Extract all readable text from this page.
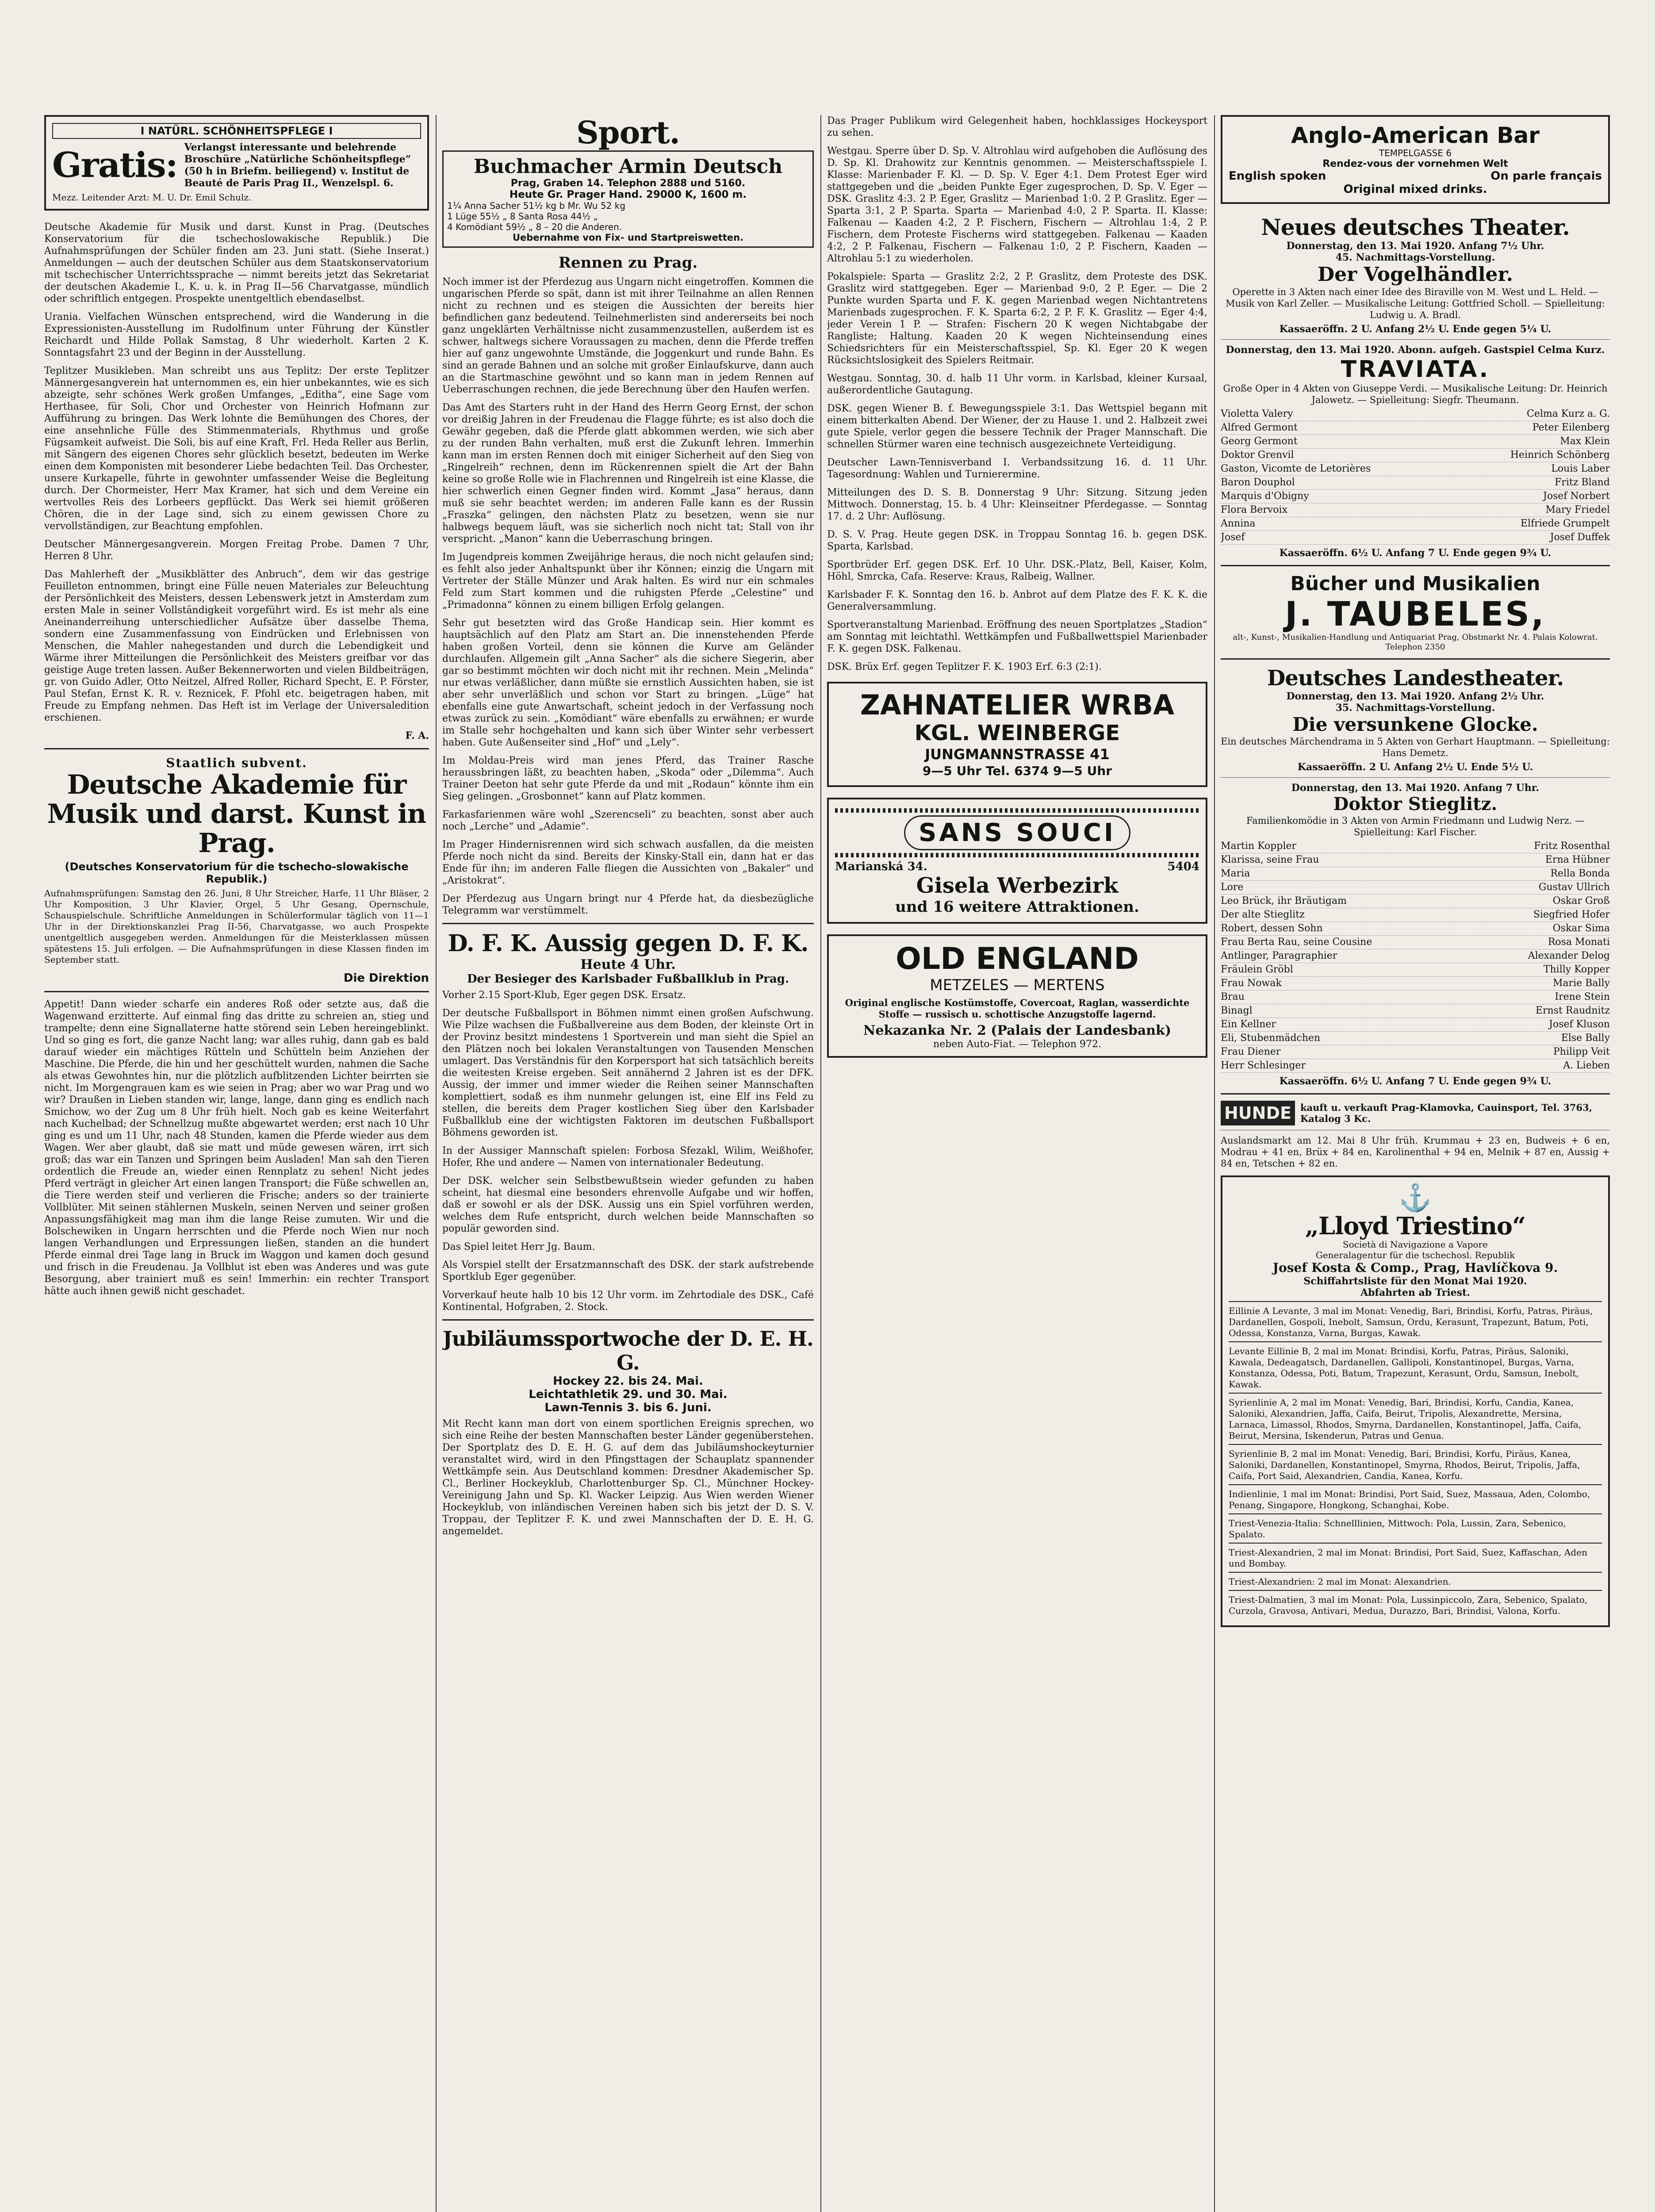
I NATÜRL. SCHÖNHEITSPFLEGE I
Gratis: Verlangst interessante und belehrende Broschüre „Natürliche Schönheitspflege“ (50 h in Briefm. beiliegend) v. Institut de Beauté de Paris Prag II., Wenzelspl. 6.
Mezz. Leitender Arzt: M. U. Dr. Emil Schulz.

Deutsche Akademie für Musik und darst. Kunst in Prag. (Deutsches Konservatorium für die tschechoslowakische Republik.) Die Aufnahmsprüfungen der Schüler finden am 23. Juni statt. (Siehe Inserat.) Anmeldungen — auch der deutschen Schüler aus dem Staatskonservatorium mit tschechischer Unterrichtssprache — nimmt bereits jetzt das Sekretariat der deutschen Akademie I., K. u. k. in Prag II—56 Charvatgasse, mündlich oder schriftlich entgegen. Prospekte unentgeltlich ebendaselbst.

Urania. Vielfachen Wünschen entsprechend, wird die Wanderung in die Expressionisten-Ausstellung im Rudolfinum unter Führung der Künstler Reichardt und Hilde Pollak Samstag, 8 Uhr wiederholt. Karten 2 K. Sonntagsfahrt 23 und der Beginn in der Ausstellung.

Teplitzer Musikleben. Man schreibt uns aus Teplitz: Der erste Teplitzer Männergesangverein hat unternommen es, ein hier unbekanntes, wie es sich abzeigte, sehr schönes Werk großen Umfanges, „Editha“, eine Sage vom Herthasee, für Soli, Chor und Orchester von Heinrich Hofmann zur Aufführung zu bringen. Das Werk lohnte die Bemühungen des Chores, der eine ansehnliche Fülle des Stimmenmaterials, Rhythmus und große Fügsamkeit aufweist. Die Soli, bis auf eine Kraft, Frl. Heda Reller aus Berlin, mit Sängern des eigenen Chores sehr glücklich besetzt, bedeuten im Werke einen dem Komponisten mit besonderer Liebe bedachten Teil. Das Orchester, unsere Kurkapelle, führte in gewohnter umfassender Weise die Begleitung durch. Der Chormeister, Herr Max Kramer, hat sich und dem Vereine ein wertvolles Reis des Lorbeers gepflückt. Das Werk sei hiemit größeren Chören, die in der Lage sind, sich zu einem gewissen Chore zu vervollständigen, zur Beachtung empfohlen.

Deutscher Männergesangverein. Morgen Freitag Probe. Damen 7 Uhr, Herren 8 Uhr.

Das Mahlerheft der „Musikblätter des Anbruch“, dem wir das gestrige Feuilleton entnommen, bringt eine Fülle neuen Materiales zur Beleuchtung der Persönlichkeit des Meisters, dessen Lebenswerk jetzt in Amsterdam zum ersten Male in seiner Vollständigkeit vorgeführt wird. Es ist mehr als eine Aneinanderreihung unterschiedlicher Aufsätze über dasselbe Thema, sondern eine Zusammenfassung von Eindrücken und Erlebnissen von Menschen, die Mahler nahegestanden und durch die Lebendigkeit und Wärme ihrer Mitteilungen die Persönlichkeit des Meisters greifbar vor das geistige Auge treten lassen. Außer Bekennerworten und vielen Bildbeiträgen, gr. von Guido Adler, Otto Neitzel, Alfred Roller, Richard Specht, E. P. Förster, Paul Stefan, Ernst K. R. v. Reznicek, F. Pfohl etc. beigetragen haben, mit Freude zu Empfang nehmen. Das Heft ist im Verlage der Universaledition erschienen.

F. A.

Staatlich subvent.
Deutsche Akademie für Musik und darst. Kunst in Prag.
(Deutsches Konservatorium für die tschecho-slowakische Republik.)

Aufnahmsprüfungen: Samstag den 26. Juni, 8 Uhr Streicher, Harfe, 11 Uhr Bläser, 2 Uhr Komposition, 3 Uhr Klavier, Orgel, 5 Uhr Gesang, Opernschule, Schauspielschule. Schriftliche Anmeldungen in Schülerformular täglich von 11—1 Uhr in der Direktionskanzlei Prag II-56, Charvatgasse, wo auch Prospekte unentgeltlich ausgegeben werden. Anmeldungen für die Meisterklassen müssen spätestens 15. Juli erfolgen. — Die Aufnahmsprüfungen in diese Klassen finden im September statt.

Die Direktion

Appetit! Dann wieder scharfe ein anderes Roß oder setzte aus, daß die Wagenwand erzitterte. Auf einmal fing das dritte zu schreien an, stieg und trampelte; denn eine Signallaterne hatte störend sein Leben hereingeblinkt. Und so ging es fort, die ganze Nacht lang; war alles ruhig, dann gab es bald darauf wieder ein mächtiges Rütteln und Schütteln beim Anziehen der Maschine. Die Pferde, die hin und her geschüttelt wurden, nahmen die Sache als etwas Gewohntes hin, nur die plötzlich aufblitzenden Lichter beirrten sie nicht. Im Morgengrauen kam es wie seien in Prag; aber wo war Prag und wo wir? Draußen in Lieben standen wir, lange, lange, dann ging es endlich nach Smichow, wo der Zug um 8 Uhr früh hielt. Noch gab es keine Weiterfahrt nach Kuchelbad; der Schnellzug mußte abgewartet werden; erst nach 10 Uhr ging es und um 11 Uhr, nach 48 Stunden, kamen die Pferde wieder aus dem Wagen. Wer aber glaubt, daß sie matt und müde gewesen wären, irrt sich groß; das war ein Tanzen und Springen beim Ausladen! Man sah den Tieren ordentlich die Freude an, wieder einen Rennplatz zu sehen! Nicht jedes Pferd verträgt in gleicher Art einen langen Transport; die Füße schwellen an, die Tiere werden steif und verlieren die Frische; anders so der trainierte Vollblüter. Mit seinen stählernen Muskeln, seinen Nerven und seiner großen Anpassungsfähigkeit mag man ihm die lange Reise zumuten. Wir und die Bolschewiken in Ungarn herrschten und die Pferde noch Wien nur noch langen Verhandlungen und Erpressungen ließen, standen an die hundert Pferde einmal drei Tage lang in Bruck im Waggon und kamen doch gesund und frisch in die Freudenau. Ja Vollblut ist eben was Anderes und was gute Besorgung, aber trainiert muß es sein! Immerhin: ein rechter Transport hätte auch ihnen gewiß nicht geschadet.

Sport.
Buchmacher Armin Deutsch
Prag, Graben 14. Telephon 2888 und 5160.
Heute Gr. Prager Hand. 29000 K, 1600 m.
1¼ Anna Sacher 51½ kg b Mr. Wu 52 kg
1 Lüge 55½ „ 8 Santa Rosa 44½ „
4 Komödiant 59½ „ 8 – 20 die Anderen.
Uebernahme von Fix- und Startpreiswetten.
Rennen zu Prag.

Noch immer ist der Pferdezug aus Ungarn nicht eingetroffen. Kommen die ungarischen Pferde so spät, dann ist mit ihrer Teilnahme an allen Rennen nicht zu rechnen und es steigen die Aussichten der bereits hier befindlichen ganz bedeutend. Teilnehmerlisten sind andererseits bei noch ganz ungeklärten Verhältnisse nicht zusammenzustellen, außerdem ist es schwer, haltwegs sichere Voraussagen zu machen, denn die Pferde treffen hier auf ganz ungewohnte Umstände, die Joggenkurt und runde Bahn. Es sind an gerade Bahnen und an solche mit großer Einlaufskurve, dann auch an die Startmaschine gewöhnt und so kann man in jedem Rennen auf Ueberraschungen rechnen, die jede Berechnung über den Haufen werfen.

Das Amt des Starters ruht in der Hand des Herrn Georg Ernst, der schon vor dreißig Jahren in der Freudenau die Flagge führte; es ist also doch die Gewähr gegeben, daß die Pferde glatt abkommen werden, wie sich aber zu der runden Bahn verhalten, muß erst die Zukunft lehren. Immerhin kann man im ersten Rennen doch mit einiger Sicherheit auf den Sieg von „Ringelreih“ rechnen, denn im Rückenrennen spielt die Art der Bahn keine so große Rolle wie in Flachrennen und Ringelreih ist eine Klasse, die hier schwerlich einen Gegner finden wird. Kommt „Jasa“ heraus, dann muß sie sehr beachtet werden; im anderen Falle kann es der Russin „Fraszka“ gelingen, den nächsten Platz zu besetzen, wenn sie nur halbwegs bequem läuft, was sie sicherlich noch nicht tat; Stall von ihr verspricht. „Manon“ kann die Ueberraschung bringen.

Im Jugendpreis kommen Zweijährige heraus, die noch nicht gelaufen sind; es fehlt also jeder Anhaltspunkt über ihr Können; einzig die Ungarn mit Vertreter der Ställe Münzer und Arak halten. Es wird nur ein schmales Feld zum Start kommen und die ruhigsten Pferde „Celestine“ und „Primadonna“ können zu einem billigen Erfolg gelangen.

Sehr gut besetzten wird das Große Handicap sein. Hier kommt es hauptsächlich auf den Platz am Start an. Die innenstehenden Pferde haben großen Vorteil, denn sie können die Kurve am Geländer durchlaufen. Allgemein gilt „Anna Sacher“ als die sichere Siegerin, aber gar so bestimmt möchten wir doch nicht mit ihr rechnen. Mein „Melinda“ nur etwas verläßlicher, dann müßte sie ernstlich Aussichten haben, sie ist aber sehr unverläßlich und schon vor Start zu bringen. „Lüge“ hat ebenfalls eine gute Anwartschaft, scheint jedoch in der Verfassung noch etwas zurück zu sein. „Komödiant“ wäre ebenfalls zu erwähnen; er wurde im Stalle sehr hochgehalten und kann sich über Winter sehr verbessert haben. Gute Außenseiter sind „Hof“ und „Lely“.

Im Moldau-Preis wird man jenes Pferd, das Trainer Rasche heraussbringen läßt, zu beachten haben, „Skoda“ oder „Dilemma“. Auch Trainer Deeton hat sehr gute Pferde da und mit „Rodaun“ könnte ihm ein Sieg gelingen. „Grosbonnet“ kann auf Platz kommen.

Farkasfarienmen wäre wohl „Szerencseli“ zu beachten, sonst aber auch noch „Lerche“ und „Adamie“.

Im Prager Hindernisrennen wird sich schwach ausfallen, da die meisten Pferde noch nicht da sind. Bereits der Kinsky-Stall ein, dann hat er das Ende für ihn; im anderen Falle fliegen die Aussichten von „Bakaler“ und „Aristokrat“.

Der Pferdezug aus Ungarn bringt nur 4 Pferde hat, da diesbezügliche Telegramm war verstümmelt.

D. F. K. Aussig gegen D. F. K.
Heute 4 Uhr.
Der Besieger des Karlsbader Fußballklub in Prag.

Vorher 2.15 Sport-Klub, Eger gegen DSK. Ersatz.

Der deutsche Fußballsport in Böhmen nimmt einen großen Aufschwung. Wie Pilze wachsen die Fußballvereine aus dem Boden, der kleinste Ort in der Provinz besitzt mindestens 1 Sportverein und man sieht die Spiel an den Plätzen noch bei lokalen Veranstaltungen von Tausenden Menschen umlagert. Das Verständnis für den Korpersport hat sich tatsächlich bereits die weitesten Kreise ergeben. Seit annähernd 2 Jahren ist es der DFK. Aussig, der immer und immer wieder die Reihen seiner Mannschaften komplettiert, sodaß es ihm nunmehr gelungen ist, eine Elf ins Feld zu stellen, die bereits dem Prager kostlichen Sieg über den Karlsbader Fußballklub eine der wichtigsten Faktoren im deutschen Fußballsport Böhmens geworden ist.

In der Aussiger Mannschaft spielen: Forbosa Sfezakl, Wilim, Weißhofer, Hofer, Rhe und andere — Namen von internationaler Bedeutung.

Der DSK. welcher sein Selbstbewußtsein wieder gefunden zu haben scheint, hat diesmal eine besonders ehrenvolle Aufgabe und wir hoffen, daß er sowohl er als der DSK. Aussig uns ein Spiel vorführen werden, welches dem Rufe entspricht, durch welchen beide Mannschaften so populär geworden sind.

Das Spiel leitet Herr Jg. Baum.

Als Vorspiel stellt der Ersatzmannschaft des DSK. der stark aufstrebende Sportklub Eger gegenüber.

Vorverkauf heute halb 10 bis 12 Uhr vorm. im Zehrtodiale des DSK., Café Kontinental, Hofgraben, 2. Stock.

Jubiläumssportwoche der D. E. H. G.
Hockey 22. bis 24. Mai.
Leichtathletik 29. und 30. Mai.
Lawn-Tennis 3. bis 6. Juni.

Mit Recht kann man dort von einem sportlichen Ereignis sprechen, wo sich eine Reihe der besten Mannschaften bester Länder gegenüberstehen. Der Sportplatz des D. E. H. G. auf dem das Jubiläumshockeyturnier veranstaltet wird, wird in den Pfingsttagen der Schauplatz spannender Wettkämpfe sein. Aus Deutschland kommen: Dresdner Akademischer Sp. Cl., Berliner Hockeyklub, Charlottenburger Sp. Cl., Münchner Hockey-Vereinigung Jahn und Sp. Kl. Wacker Leipzig. Aus Wien werden Wiener Hockeyklub, von inländischen Vereinen haben sich bis jetzt der D. S. V. Troppau, der Teplitzer F. K. und zwei Mannschaften der D. E. H. G. angemeldet.

Das Prager Publikum wird Gelegenheit haben, hochklassiges Hockeysport zu sehen.

Westgau. Sperre über D. Sp. V. Altrohlau wird aufgehoben die Auflösung des D. Sp. Kl. Drahowitz zur Kenntnis genommen. — Meisterschaftsspiele I. Klasse: Marienbader F. Kl. — D. Sp. V. Eger 4:1. Dem Protest Eger wird stattgegeben und die „beiden Punkte Eger zugesprochen, D. Sp. V. Eger — DSK. Graslitz 4:3. 2 P. Eger, Graslitz — Marienbad 1:0. 2 P. Graslitz. Eger — Sparta 3:1, 2 P. Sparta. Sparta — Marienbad 4:0, 2 P. Sparta. II. Klasse: Falkenau — Kaaden 4:2, 2 P. Fischern, Fischern — Altrohlau 1:4, 2 P. Fischern, dem Proteste Fischerns wird stattgegeben. Falkenau — Kaaden 4:2, 2 P. Falkenau, Fischern — Falkenau 1:0, 2 P. Fischern, Kaaden — Altrohlau 5:1 zu wiederholen.

Pokalspiele: Sparta — Graslitz 2:2, 2 P. Graslitz, dem Proteste des DSK. Graslitz wird stattgegeben. Eger — Marienbad 9:0, 2 P. Eger. — Die 2 Punkte wurden Sparta und F. K. gegen Marienbad wegen Nichtantretens Marienbads zugesprochen. F. K. Sparta 6:2, 2 P. F. K. Graslitz — Eger 4:4, jeder Verein 1 P. — Strafen: Fischern 20 K wegen Nichtabgabe der Rangliste; Haltung. Kaaden 20 K wegen Nichteinsendung eines Schiedsrichters für ein Meisterschaftsspiel, Sp. Kl. Eger 20 K wegen Rücksichtslosigkeit des Spielers Reitmair.

Westgau. Sonntag, 30. d. halb 11 Uhr vorm. in Karlsbad, kleiner Kursaal, außerordentliche Gautagung.

DSK. gegen Wiener B. f. Bewegungsspiele 3:1. Das Wettspiel begann mit einem bitterkalten Abend. Der Wiener, der zu Hause 1. und 2. Halbzeit zwei gute Spiele, verlor gegen die bessere Technik der Prager Mannschaft. Die schnellen Stürmer waren eine technisch ausgezeichnete Verteidigung.

Deutscher Lawn-Tennisverband I. Verbandssitzung 16. d. 11 Uhr. Tagesordnung: Wahlen und Turnierermine.

Mitteilungen des D. S. B. Donnerstag 9 Uhr: Sitzung. Sitzung jeden Mittwoch. Donnerstag, 15. b. 4 Uhr: Kleinseitner Pferdegasse. — Sonntag 17. d. 2 Uhr: Auflösung.

D. S. V. Prag. Heute gegen DSK. in Troppau Sonntag 16. b. gegen DSK. Sparta, Karlsbad.

Sportbrüder Erf. gegen DSK. Erf. 10 Uhr. DSK.-Platz, Bell, Kaiser, Kolm, Höhl, Smrcka, Cafa. Reserve: Kraus, Ralbeig, Wallner.

Karlsbader F. K. Sonntag den 16. b. Anbrot auf dem Platze des F. K. K. die Generalversammlung.

Sportveranstaltung Marienbad. Eröffnung des neuen Sportplatzes „Stadion“ am Sonntag mit leichtathl. Wettkämpfen und Fußballwettspiel Marienbader F. K. gegen DSK. Falkenau.

DSK. Brüx Erf. gegen Teplitzer F. K. 1903 Erf. 6:3 (2:1).

ZAHNATELIER WRBA
KGL. WEINBERGE
JUNGMANNSTRASSE 41
9—5 Uhr Tel. 6374 9—5 Uhr
SANS SOUCI
Marianská 34.	5404
Gisela Werbezirk
und 16 weitere Attraktionen.
OLD ENGLAND
METZELES — MERTENS
Original englische Kostümstoffe, Covercoat, Raglan, wasserdichte Stoffe — russisch u. schottische Anzugstoffe lagernd.
Nekazanka Nr. 2 (Palais der Landesbank)
neben Auto-Fiat. — Telephon 972.
Anglo-American Bar
TEMPELGASSE 6
Rendez-vous der vornehmen Welt
English spoken	On parle français
Original mixed drinks.
Neues deutsches Theater.
Donnerstag, den 13. Mai 1920. Anfang 7½ Uhr.
45. Nachmittags-Vorstellung.
Der Vogelhändler.
Operette in 3 Akten nach einer Idee des Biraville von M. West und L. Held. — Musik von Karl Zeller. — Musikalische Leitung: Gottfried Scholl. — Spielleitung: Ludwig u. A. Bradl.
Kassaeröffn. 2 U. Anfang 2½ U. Ende gegen 5¼ U.
Donnerstag, den 13. Mai 1920. Abonn. aufgeh. Gastspiel Celma Kurz.
TRAVIATA.
Große Oper in 4 Akten von Giuseppe Verdi. — Musikalische Leitung: Dr. Heinrich Jalowetz. — Spielleitung: Siegfr. Theumann.
Violetta Valery	Celma Kurz a. G.
Alfred Germont	Peter Eilenberg
Georg Germont	Max Klein
Doktor Grenvil	Heinrich Schönberg
Gaston, Vicomte de Letorières	Louis Laber
Baron Douphol	Fritz Bland
Marquis d'Obigny	Josef Norbert
Flora Bervoix	Mary Friedel
Annina	Elfriede Grumpelt
Josef	Josef Duffek
Kassaeröffn. 6½ U. Anfang 7 U. Ende gegen 9¾ U.
Bücher und Musikalien
J. TAUBELES,
alt-, Kunst-, Musikalien-Handlung und Antiquariat Prag, Obstmarkt Nr. 4. Palais Kolowrat. Telephon 2350
Deutsches Landestheater.
Donnerstag, den 13. Mai 1920. Anfang 2½ Uhr.
35. Nachmittags-Vorstellung.
Die versunkene Glocke.
Ein deutsches Märchendrama in 5 Akten von Gerhart Hauptmann. — Spielleitung: Hans Demetz.
Kassaeröffn. 2 U. Anfang 2½ U. Ende 5½ U.
Donnerstag, den 13. Mai 1920. Anfang 7 Uhr.
Doktor Stieglitz.
Familienkomödie in 3 Akten von Armin Friedmann und Ludwig Nerz. — Spielleitung: Karl Fischer.
Martin Koppler	Fritz Rosenthal
Klarissa, seine Frau	Erna Hübner
Maria	Rella Bonda
Lore	Gustav Ullrich
Leo Brück, ihr Bräutigam	Oskar Groß
Der alte Stieglitz	Siegfried Hofer
Robert, dessen Sohn	Oskar Sima
Frau Berta Rau, seine Cousine	Rosa Monati
Antlinger, Paragraphier	Alexander Delog
Fräulein Gröbl	Thilly Kopper
Frau Nowak	Marie Bally
Brau	Irene Stein
Binagl	Ernst Raudnitz
Ein Kellner	Josef Kluson
Eli, Stubenmädchen	Else Bally
Frau Diener	Philipp Veit
Herr Schlesinger	A. Lieben
Kassaeröffn. 6½ U. Anfang 7 U. Ende gegen 9¾ U.
HUNDE kauft u. verkauft Prag-Klamovka, Cauinsport, Tel. 3763, Katalog 3 Kc.

Auslandsmarkt am 12. Mai 8 Uhr früh. Krummau + 23 en, Budweis + 6 en, Modrau + 41 en, Brüx + 84 en, Karolinenthal + 94 en, Melnik + 87 en, Aussig + 84 en, Tetschen + 82 en.

⚓
„Lloyd Triestino“
Società di Navigazione a Vapore
Generalagentur für die tschechosl. Republik
Josef Kosta & Comp., Prag, Havlíčkova 9.
Schiffahrtsliste für den Monat Mai 1920.
Abfahrten ab Triest.
Eillinie A Levante, 3 mal im Monat: Venedig, Bari, Brindisi, Korfu, Patras, Piräus, Dardanellen, Gospoli, Inebolt, Samsun, Ordu, Kerasunt, Trapezunt, Batum, Poti, Odessa, Konstanza, Varna, Burgas, Kawak.
Levante Eillinie B, 2 mal im Monat: Brindisi, Korfu, Patras, Piräus, Saloniki, Kawala, Dedeagatsch, Dardanellen, Gallipoli, Konstantinopel, Burgas, Varna, Konstanza, Odessa, Poti, Batum, Trapezunt, Kerasunt, Ordu, Samsun, Inebolt, Kawak.
Syrienlinie A, 2 mal im Monat: Venedig, Bari, Brindisi, Korfu, Candia, Kanea, Saloniki, Alexandrien, Jaffa, Caifa, Beirut, Tripolis, Alexandrette, Mersina, Larnaca, Limassol, Rhodos, Smyrna, Dardanellen, Konstantinopel, Jaffa, Caifa, Beirut, Mersina, Iskenderun, Patras und Genua.
Syrienlinie B, 2 mal im Monat: Venedig, Bari, Brindisi, Korfu, Piräus, Kanea, Saloniki, Dardanellen, Konstantinopel, Smyrna, Rhodos, Beirut, Tripolis, Jaffa, Caifa, Port Said, Alexandrien, Candia, Kanea, Korfu.
Indienlinie, 1 mal im Monat: Brindisi, Port Said, Suez, Massaua, Aden, Colombo, Penang, Singapore, Hongkong, Schanghai, Kobe.
Triest-Venezia-Italia: Schnelllinien, Mittwoch: Pola, Lussin, Zara, Sebenico, Spalato.
Triest-Alexandrien, 2 mal im Monat: Brindisi, Port Said, Suez, Kaffaschan, Aden und Bombay.
Triest-Alexandrien: 2 mal im Monat: Alexandrien.
Triest-Dalmatien, 3 mal im Monat: Pola, Lussinpiccolo, Zara, Sebenico, Spalato, Curzola, Gravosa, Antivari, Medua, Durazzo, Bari, Brindisi, Valona, Korfu.
